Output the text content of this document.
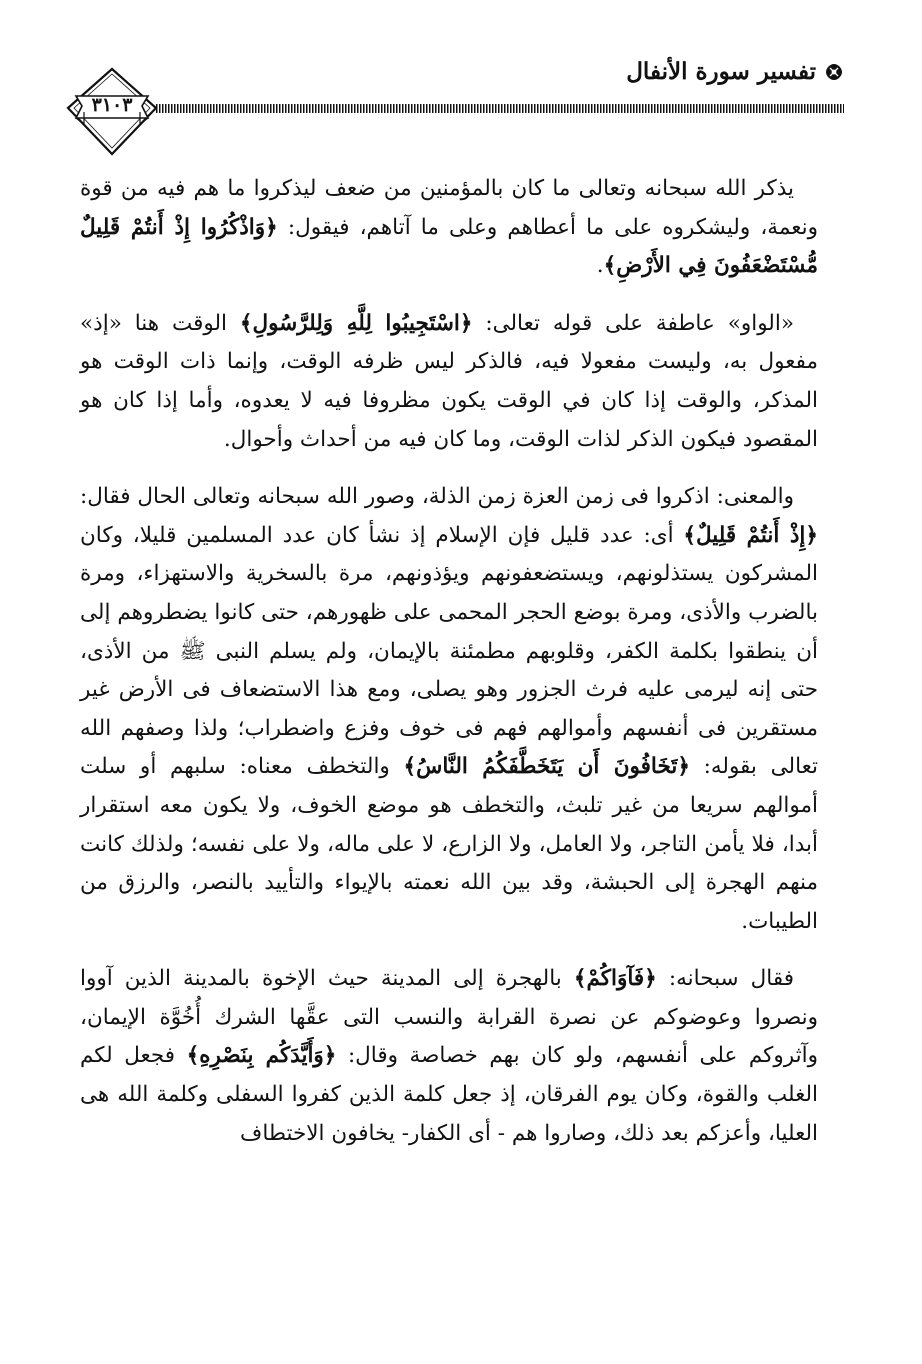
تفسير سورة الأنفال
٣١٠٣

يذكر الله سبحانه وتعالى ما كان بالمؤمنين من ضعف ليذكروا ما هم فيه من قوة ونعمة، وليشكروه على ما أعطاهم وعلى ما آتاهم، فيقول: ﴿وَاذْكُرُوا إِذْ أَنتُمْ قَلِيلٌ مُّسْتَضْعَفُونَ فِي الأَرْضِ﴾.

«الواو» عاطفة على قوله تعالى: ﴿اسْتَجِيبُوا لِلَّهِ وَلِلرَّسُولِ﴾ الوقت هنا «إذ» مفعول به، وليست مفعولا فيه، فالذكر ليس ظرفه الوقت، وإنما ذات الوقت هو المذكر، والوقت إذا كان في الوقت يكون مظروفا فيه لا يعدوه، وأما إذا كان هو المقصود فيكون الذكر لذات الوقت، وما كان فيه من أحداث وأحوال.

والمعنى: اذكروا فى زمن العزة زمن الذلة، وصور الله سبحانه وتعالى الحال فقال: ﴿إِذْ أَنتُمْ قَلِيلٌ﴾ أى: عدد قليل فإن الإسلام إذ نشأ كان عدد المسلمين قليلا، وكان المشركون يستذلونهم، ويستضعفونهم ويؤذونهم، مرة بالسخرية والاستهزاء، ومرة بالضرب والأذى، ومرة بوضع الحجر المحمى على ظهورهم، حتى كانوا يضطروهم إلى أن ينطقوا بكلمة الكفر، وقلوبهم مطمئنة بالإيمان، ولم يسلم النبى ﷺ من الأذى، حتى إنه ليرمى عليه فرث الجزور وهو يصلى، ومع هذا الاستضعاف فى الأرض غير مستقرين فى أنفسهم وأموالهم فهم فى خوف وفزع واضطراب؛ ولذا وصفهم الله تعالى بقوله: ﴿تَخَافُونَ أَن يَتَخَطَّفَكُمُ النَّاسُ﴾ والتخطف معناه: سلبهم أو سلت أموالهم سريعا من غير تلبث، والتخطف هو موضع الخوف، ولا يكون معه استقرار أبدا، فلا يأمن التاجر، ولا العامل، ولا الزارع، لا على ماله، ولا على نفسه؛ ولذلك كانت منهم الهجرة إلى الحبشة، وقد بين الله نعمته بالإيواء والتأييد بالنصر، والرزق من الطيبات.

فقال سبحانه: ﴿فَآوَاكُمْ﴾ بالهجرة إلى المدينة حيث الإخوة بالمدينة الذين آووا ونصروا وعوضوكم عن نصرة القرابة والنسب التى عقَّها الشرك أُخُوَّة الإيمان، وآثروكم على أنفسهم، ولو كان بهم خصاصة وقال: ﴿وَأَيَّدَكُم بِنَصْرِهِ﴾ فجعل لكم الغلب والقوة، وكان يوم الفرقان، إذ جعل كلمة الذين كفروا السفلى وكلمة الله هى العليا، وأعزكم بعد ذلك، وصاروا هم - أى الكفار- يخافون الاختطاف
